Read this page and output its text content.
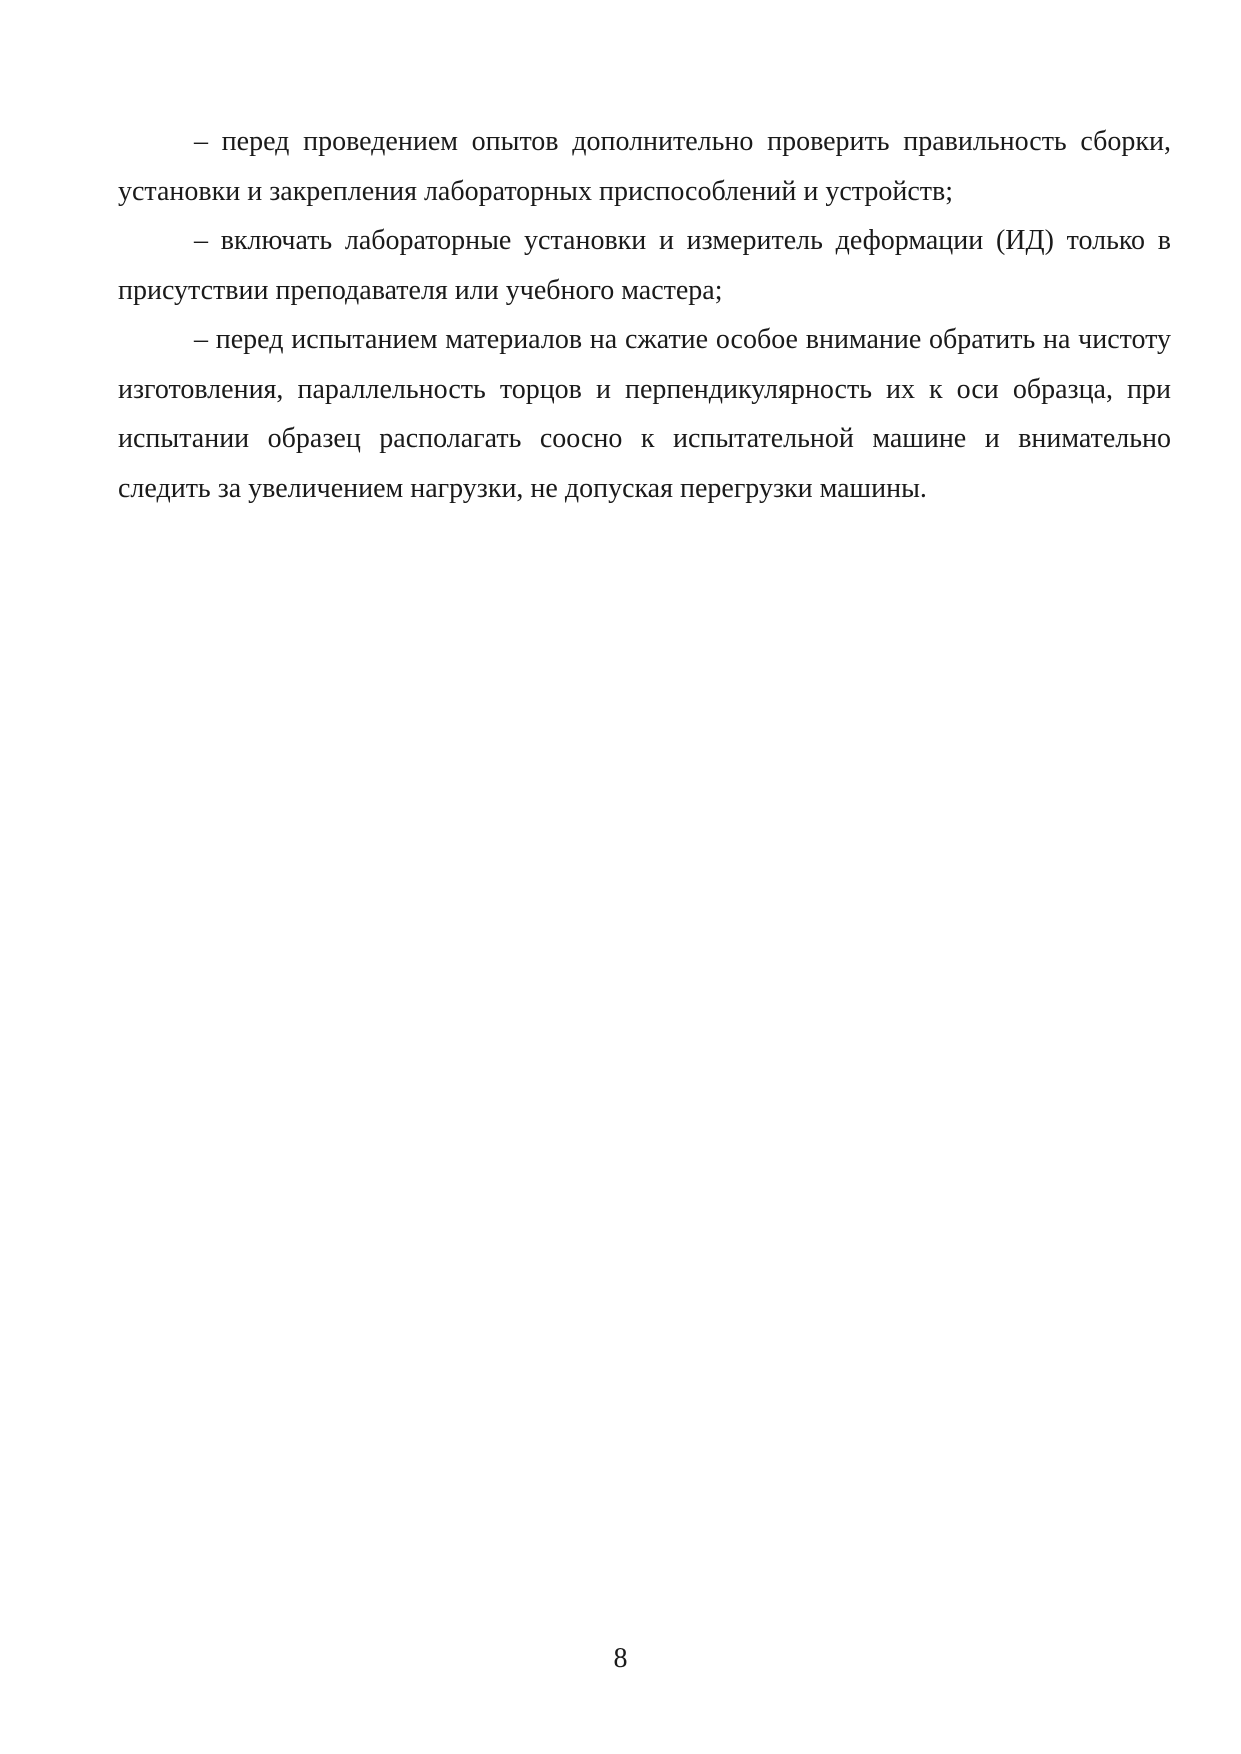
– перед проведением опытов дополнительно проверить правильность сборки, установки и закрепления лабораторных приспособлений и устройств;

– включать лабораторные установки и измеритель деформации (ИД) только в присутствии преподавателя или учебного мастера;

– перед испытанием материалов на сжатие особое внимание обратить на чистоту изготовления, параллельность торцов и перпендикулярность их к оси образца, при испытании образец располагать соосно к испытательной машине и внимательно следить за увеличением нагрузки, не допуская перегрузки машины.

8
